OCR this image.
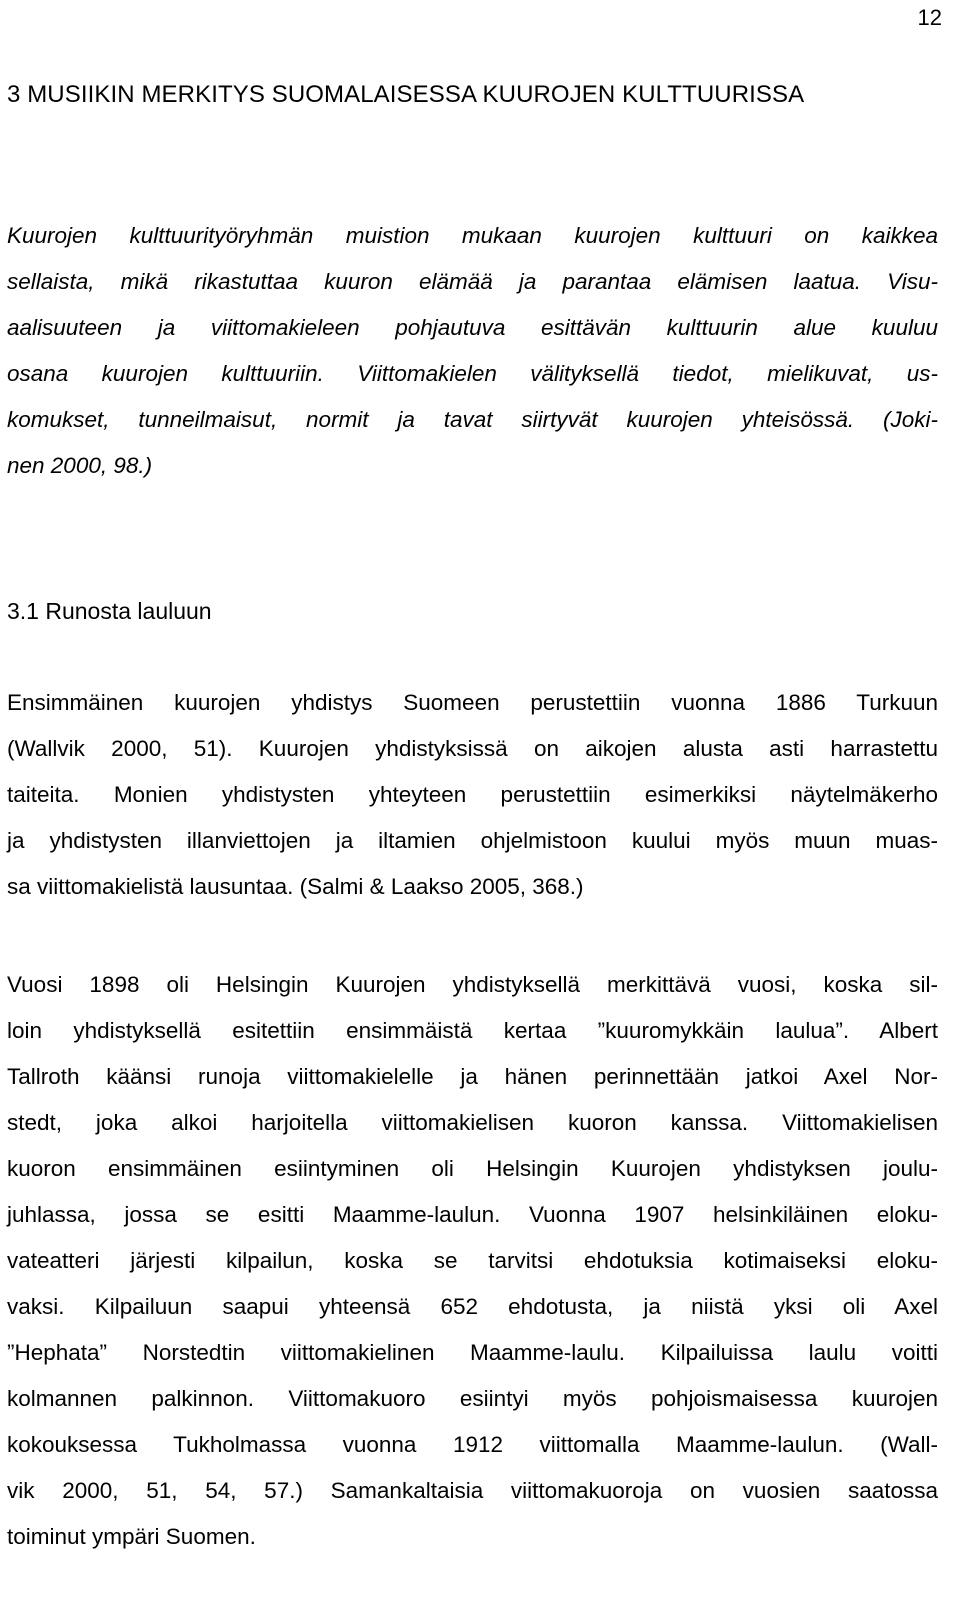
12
3 MUSIIKIN MERKITYS SUOMALAISESSA KUUROJEN KULTTUURISSA
Kuurojen kulttuurityöryhmän muistion mukaan kuurojen kulttuuri on kaikkea
sellaista, mikä rikastuttaa kuuron elämää ja parantaa elämisen laatua. Visu-
aalisuuteen ja viittomakieleen pohjautuva esittävän kulttuurin alue kuuluu
osana kuurojen kulttuuriin. Viittomakielen välityksellä tiedot, mielikuvat, us-
komukset, tunneilmaisut, normit ja tavat siirtyvät kuurojen yhteisössä. (Joki-
nen 2000, 98.)
3.1 Runosta lauluun
Ensimmäinen kuurojen yhdistys Suomeen perustettiin vuonna 1886 Turkuun
(Wallvik 2000, 51). Kuurojen yhdistyksissä on aikojen alusta asti harrastettu
taiteita. Monien yhdistysten yhteyteen perustettiin esimerkiksi näytelmäkerho
ja yhdistysten illanviettojen ja iltamien ohjelmistoon kuului myös muun muas-
sa viittomakielistä lausuntaa. (Salmi & Laakso 2005, 368.)
Vuosi 1898 oli Helsingin Kuurojen yhdistyksellä merkittävä vuosi, koska sil-
loin yhdistyksellä esitettiin ensimmäistä kertaa ”kuuromykkäin laulua”. Albert
Tallroth käänsi runoja viittomakielelle ja hänen perinnettään jatkoi Axel Nor-
stedt, joka alkoi harjoitella viittomakielisen kuoron kanssa. Viittomakielisen
kuoron ensimmäinen esiintyminen oli Helsingin Kuurojen yhdistyksen joulu-
juhlassa, jossa se esitti Maamme-laulun. Vuonna 1907 helsinkiläinen eloku-
vateatteri järjesti kilpailun, koska se tarvitsi ehdotuksia kotimaiseksi eloku-
vaksi. Kilpailuun saapui yhteensä 652 ehdotusta, ja niistä yksi oli Axel
”Hephata” Norstedtin viittomakielinen Maamme-laulu. Kilpailuissa laulu voitti
kolmannen palkinnon. Viittomakuoro esiintyi myös pohjoismaisessa kuurojen
kokouksessa Tukholmassa vuonna 1912 viittomalla Maamme-laulun. (Wall-
vik 2000, 51, 54, 57.) Samankaltaisia viittomakuoroja on vuosien saatossa
toiminut ympäri Suomen.
